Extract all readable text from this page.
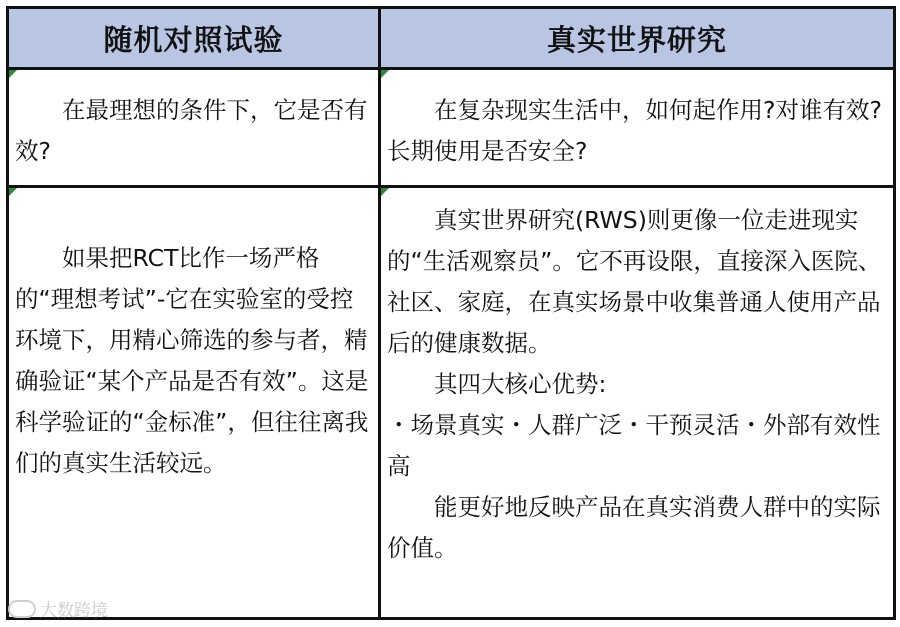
随机对照试验	真实世界研究
在最理想的条件下，它是否有效?
在复杂现实生活中，如何起作用?对谁有效?长期使用是否安全?
如果把RCT比作一场严格的“理想考试”-它在实验室的受控环境下，用精心筛选的参与者，精确验证“某个产品是否有效”。这是科学验证的“金标准”，但往往离我们的真实生活较远。
真实世界研究(RWS)则更像一位走进现实的“生活观察员”。它不再设限，直接深入医院、社区、家庭，在真实场景中收集普通人使用产品后的健康数据。
其四大核心优势:
・场景真实・人群广泛・干预灵活・外部有效性高
能更好地反映产品在真实消费人群中的实际价值。
大数跨境
